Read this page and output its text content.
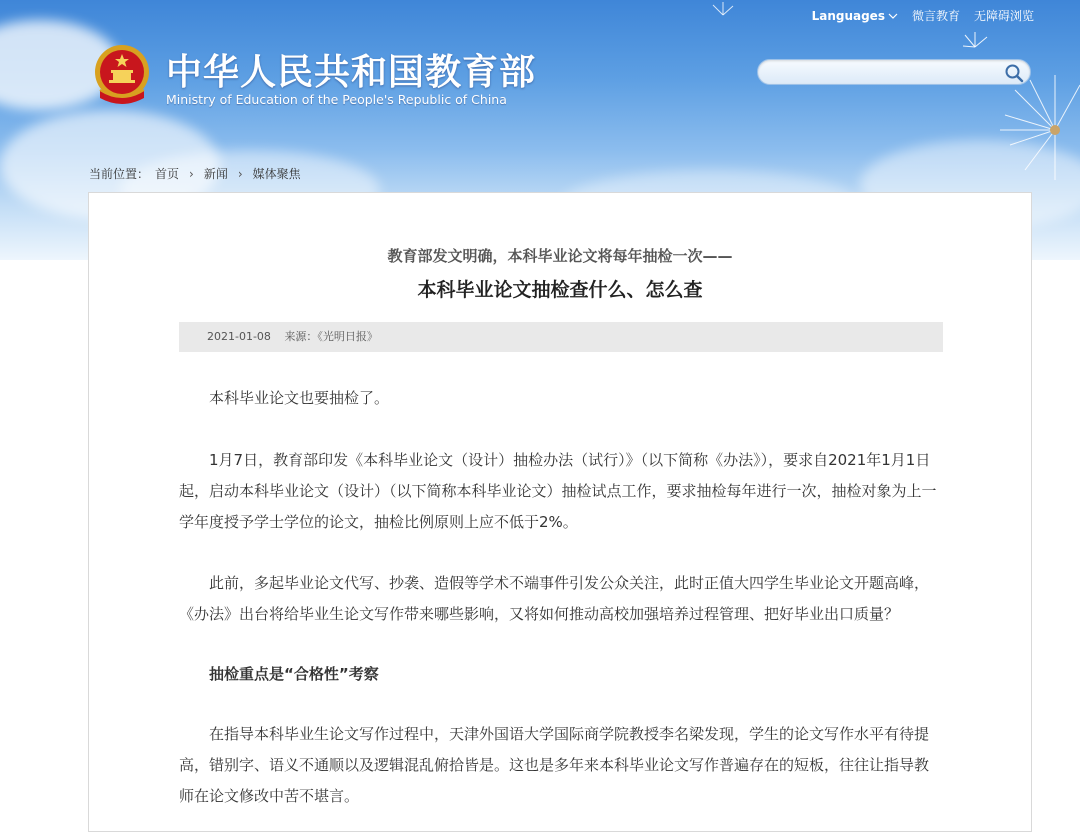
Languages 微言教育 无障碍浏览
中华人民共和国教育部
Ministry of Education of the People's Republic of China
当前位置： 首页 › 新闻 › 媒体聚焦
教育部发文明确，本科毕业论文将每年抽检一次——
本科毕业论文抽检查什么、怎么查
2021-01-08 来源：《光明日报》

本科毕业论文也要抽检了。

1月7日，教育部印发《本科毕业论文（设计）抽检办法（试行）》（以下简称《办法》），要求自2021年1月1日起，启动本科毕业论文（设计）（以下简称本科毕业论文）抽检试点工作，要求抽检每年进行一次，抽检对象为上一学年度授予学士学位的论文，抽检比例原则上应不低于2%。

此前，多起毕业论文代写、抄袭、造假等学术不端事件引发公众关注，此时正值大四学生毕业论文开题高峰，《办法》出台将给毕业生论文写作带来哪些影响，又将如何推动高校加强培养过程管理、把好毕业出口质量？

抽检重点是“合格性”考察

在指导本科毕业生论文写作过程中，天津外国语大学国际商学院教授李名梁发现，学生的论文写作水平有待提高，错别字、语义不通顺以及逻辑混乱俯拾皆是。这也是多年来本科毕业论文写作普遍存在的短板，往往让指导教师在论文修改中苦不堪言。
